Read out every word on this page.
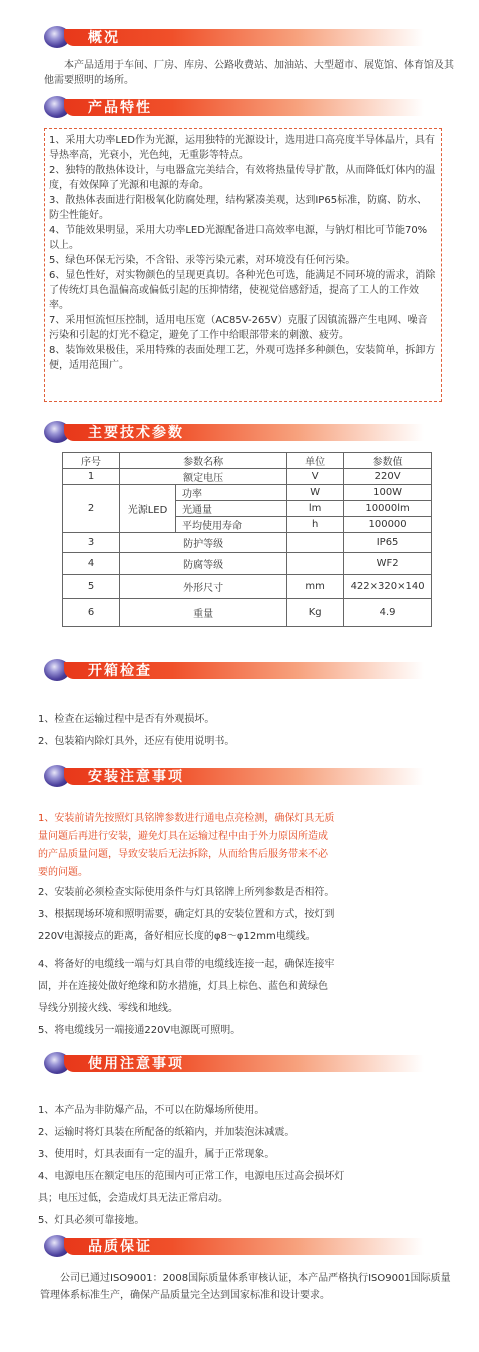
概况
本产品适用于车间、厂房、库房、公路收费站、加油站、大型超市、展览馆、体育馆及其他需要照明的场所。
产品特性

1、采用大功率LED作为光源，运用独特的光源设计，选用进口高亮度半导体晶片，具有导热率高，光衰小，光色纯，无重影等特点。

2、独特的散热体设计，与电器盒完美结合，有效将热量传导扩散，从而降低灯体内的温度，有效保障了光源和电源的寿命。

3、散热体表面进行阳极氧化防腐处理，结构紧凑美观，达到IP65标准，防腐、防水、防尘性能好。

4、节能效果明显，采用大功率LED光源配备进口高效率电源，与钠灯相比可节能70%以上。

5、绿色环保无污染，不含铅、汞等污染元素，对环境没有任何污染。

6、显色性好，对实物颜色的呈现更真切。各种光色可选，能满足不同环境的需求，消除了传统灯具色温偏高或偏低引起的压抑情绪，使视觉倍感舒适，提高了工人的工作效率。

7、采用恒流恒压控制，适用电压宽（AC85V-265V）克服了因镇流器产生电网、噪音污染和引起的灯光不稳定，避免了工作中给眼部带来的刺激、疲劳。

8、装饰效果极佳，采用特殊的表面处理工艺，外观可选择多种颜色，安装简单，拆卸方便，适用范围广。

主要技术参数
序号	参数名称		单位	参数值
1	额定电压		V	220V
2	光源LED	功率	W	100W
		光通量	lm	10000lm
		平均使用寿命	h	100000
3	防护等级			IP65
4	防腐等级			WF2
5	外形尺寸		mm	422×320×140
6	重量		Kg	4.9
开箱检查

1、检查在运输过程中是否有外观损坏。

2、包装箱内除灯具外，还应有使用说明书。

安装注意事项

1、安装前请先按照灯具铭牌参数进行通电点亮检测，确保灯具无质

量问题后再进行安装，避免灯具在运输过程中由于外力原因所造成

的产品质量问题，导致安装后无法拆除，从而给售后服务带来不必

要的问题。

2、安装前必须检查实际使用条件与灯具铭牌上所列参数是否相符。

3、根据现场环境和照明需要，确定灯具的安装位置和方式，按灯到

220V电源接点的距离，备好相应长度的φ8～φ12mm电缆线。

4、将备好的电缆线一端与灯具自带的电缆线连接一起，确保连接牢

固，并在连接处做好绝缘和防水措施，灯具上棕色、蓝色和黄绿色

导线分别接火线、零线和地线。

5、将电缆线另一端接通220V电源既可照明。

使用注意事项

1、本产品为非防爆产品，不可以在防爆场所使用。

2、运输时将灯具装在所配备的纸箱内，并加装泡沫减震。

3、使用时，灯具表面有一定的温升，属于正常现象。

4、电源电压在额定电压的范围内可正常工作，电源电压过高会损坏灯

具；电压过低，会造成灯具无法正常启动。

5、灯具必须可靠接地。

品质保证
公司已通过ISO9001：2008国际质量体系审核认证，本产品严格执行ISO9001国际质量管理体系标准生产，确保产品质量完全达到国家标准和设计要求。
